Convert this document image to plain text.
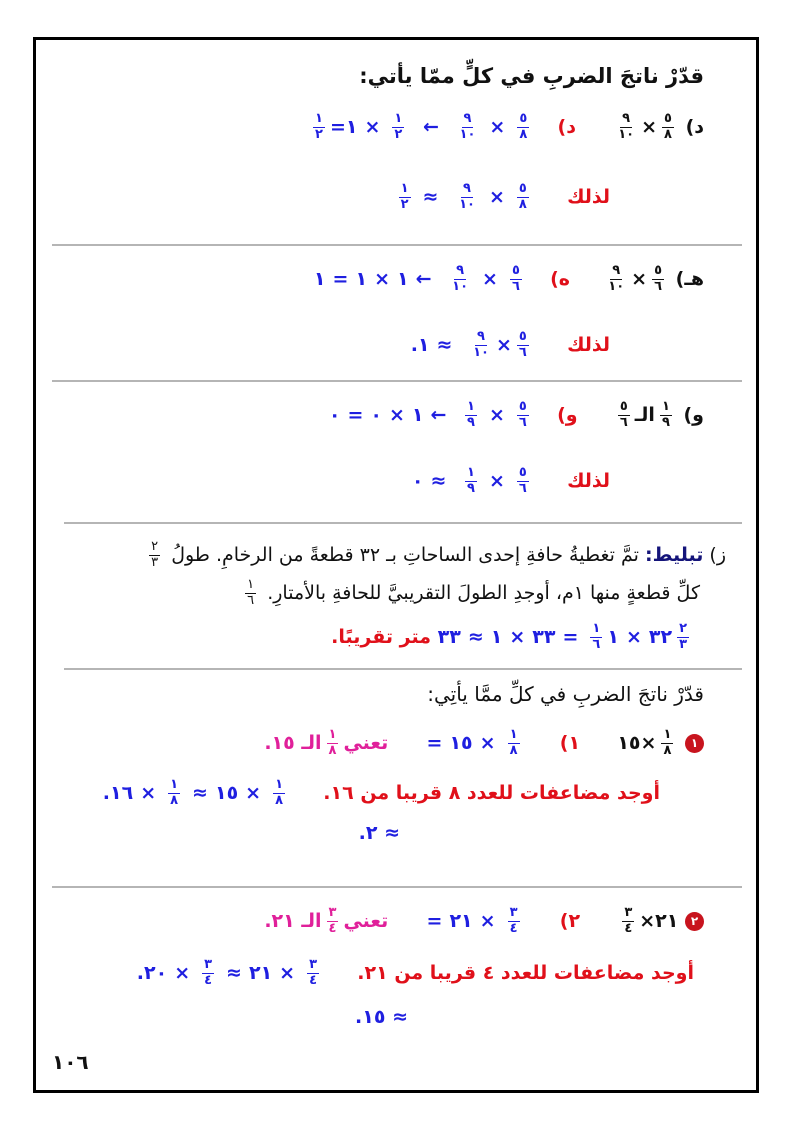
قدّرْ ناتجَ الضربِ في كلٍّ ممّا يأتي:
د)
$\frac{٥}{٨}$
×
$\frac{٩}{١٠}$
د)
$\frac{٥}{٨}$
×
$\frac{٩}{١٠}$
←
$\frac{١}{٢}$
×١=
$\frac{١}{٢}$
لذلك
$\frac{٥}{٨}$
×
$\frac{٩}{١٠}$
≈
$\frac{١}{٢}$
هـ)
$\frac{٥}{٦}$
×
$\frac{٩}{١٠}$
ه)
$\frac{٥}{٦}$
×
$\frac{٩}{١٠}$
←١×١=١
لذلك
$\frac{٥}{٦}$
×
$\frac{٩}{١٠}$
≈١.
و)
$\frac{١}{٩}$
الـ
$\frac{٥}{٦}$
و)
$\frac{٥}{٦}$
×
$\frac{١}{٩}$
←١×٠=٠
لذلك
$\frac{٥}{٦}$
×
$\frac{١}{٩}$
≈٠
ز) تبليط: تمَّ تغطيةُ حافةِ إحدى الساحاتِ بـ ٣٢ قطعةً من الرخامِ. طولُ
$\frac{٢}{٣}$
كلِّ قطعةٍ منها ١م، أوجدِ الطولَ التقريبيَّ للحافةِ بالأمتارِ.
$\frac{١}{٦}$
$\frac{٢}{٣}$
٣٢×١
$\frac{١}{٦}$
=٣٣×١≈٣٣ متر تقريبًا.
قدّرْ ناتجَ الضربِ في كلِّ ممَّا يأتِي:
١
$\frac{١}{٨}$
×١٥  ١)
$\frac{١}{٨}$
×١٥=  تعني
$\frac{١}{٨}$
الـ ١٥.
أوجد مضاعفات للعدد ٨ قريبا من ١٦.
$\frac{١}{٨}$
×١٥≈
$\frac{١}{٨}$
×١٦.
≈ ٢.
٢ ٢١×
$\frac{٣}{٤}$
٢)
$\frac{٣}{٤}$
×٢١=  تعني
$\frac{٣}{٤}$
الـ ٢١.
أوجد مضاعفات للعدد ٤ قريبا من ٢١.
$\frac{٣}{٤}$
×٢١≈
$\frac{٣}{٤}$
×٢٠.
≈ ١٥.
١٠٦
